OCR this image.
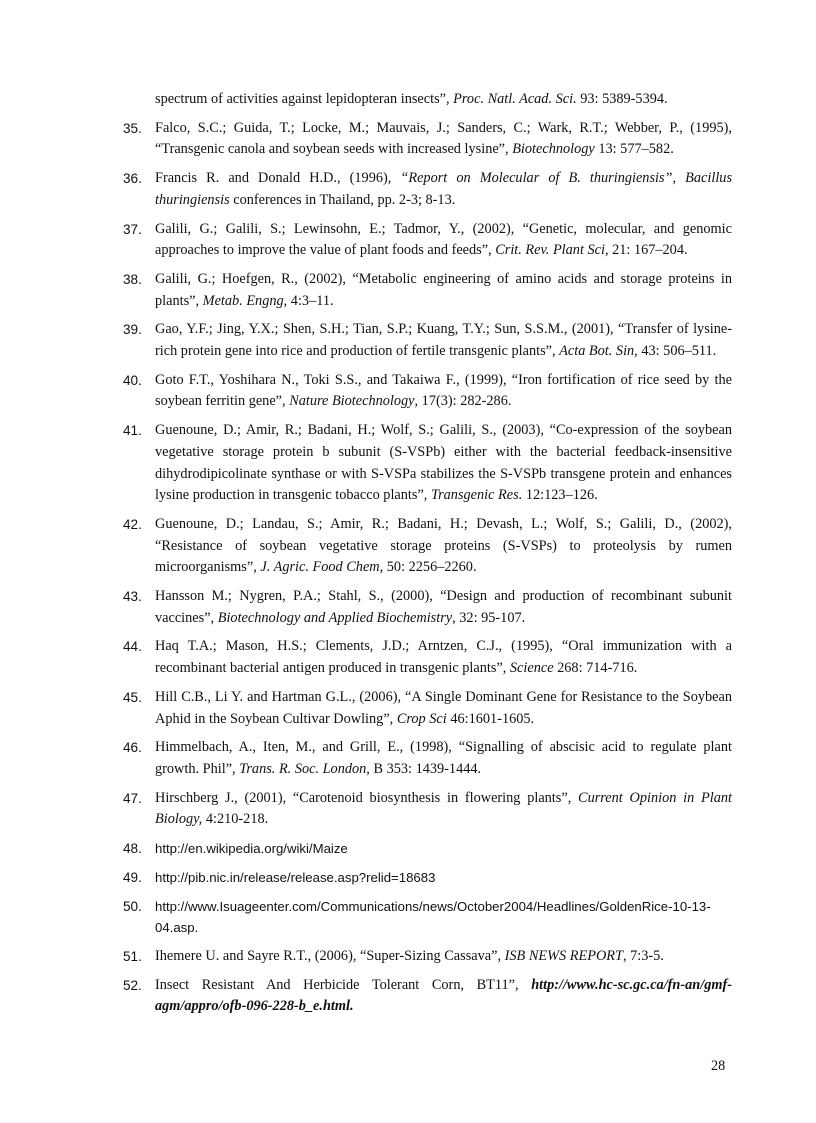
spectrum of activities against lepidopteran insects”, Proc. Natl. Acad. Sci. 93: 5389-5394.
35. Falco, S.C.; Guida, T.; Locke, M.; Mauvais, J.; Sanders, C.; Wark, R.T.; Webber, P., (1995), “Transgenic canola and soybean seeds with increased lysine”, Biotechnology 13: 577–582.
36. Francis R. and Donald H.D., (1996), “Report on Molecular of B. thuringiensis”, Bacillus thuringiensis conferences in Thailand, pp. 2-3; 8-13.
37. Galili, G.; Galili, S.; Lewinsohn, E.; Tadmor, Y., (2002), “Genetic, molecular, and genomic approaches to improve the value of plant foods and feeds”, Crit. Rev. Plant Sci, 21: 167–204.
38. Galili, G.; Hoefgen, R., (2002), “Metabolic engineering of amino acids and storage proteins in plants”, Metab. Engng, 4:3–11.
39. Gao, Y.F.; Jing, Y.X.; Shen, S.H.; Tian, S.P.; Kuang, T.Y.; Sun, S.S.M., (2001), “Transfer of lysine-rich protein gene into rice and production of fertile transgenic plants”, Acta Bot. Sin, 43: 506–511.
40. Goto F.T., Yoshihara N., Toki S.S., and Takaiwa F., (1999), “Iron fortification of rice seed by the soybean ferritin gene”, Nature Biotechnology, 17(3): 282-286.
41. Guenoune, D.; Amir, R.; Badani, H.; Wolf, S.; Galili, S., (2003), “Co-expression of the soybean vegetative storage protein b subunit (S-VSPb) either with the bacterial feedback-insensitive dihydrodipicolinate synthase or with S-VSPa stabilizes the S-VSPb transgene protein and enhances lysine production in transgenic tobacco plants”, Transgenic Res. 12:123–126.
42. Guenoune, D.; Landau, S.; Amir, R.; Badani, H.; Devash, L.; Wolf, S.; Galili, D., (2002), “Resistance of soybean vegetative storage proteins (S-VSPs) to proteolysis by rumen microorganisms”, J. Agric. Food Chem, 50: 2256–2260.
43. Hansson M.; Nygren, P.A.; Stahl, S., (2000), “Design and production of recombinant subunit vaccines”, Biotechnology and Applied Biochemistry, 32: 95-107.
44. Haq T.A.; Mason, H.S.; Clements, J.D.; Arntzen, C.J., (1995), “Oral immunization with a recombinant bacterial antigen produced in transgenic plants”, Science 268: 714-716.
45. Hill C.B., Li Y. and Hartman G.L., (2006), “A Single Dominant Gene for Resistance to the Soybean Aphid in the Soybean Cultivar Dowling”, Crop Sci 46:1601-1605.
46. Himmelbach, A., Iten, M., and Grill, E., (1998), “Signalling of abscisic acid to regulate plant growth. Phil”, Trans. R. Soc. London, B 353: 1439-1444.
47. Hirschberg J., (2001), “Carotenoid biosynthesis in flowering plants”, Current Opinion in Plant Biology, 4:210-218.
48. http://en.wikipedia.org/wiki/Maize
49. http://pib.nic.in/release/release.asp?relid=18683
50. http://www.Isuageenter.com/Communications/news/October2004/Headlines/GoldenRice-10-13-04.asp.
51. Ihemere U. and Sayre R.T., (2006), “Super-Sizing Cassava”, ISB NEWS REPORT, 7:3-5.
52. Insect Resistant And Herbicide Tolerant Corn, BT11”, http://www.hc-sc.gc.ca/fn-an/gmf-agm/appro/ofb-096-228-b_e.html.
28
